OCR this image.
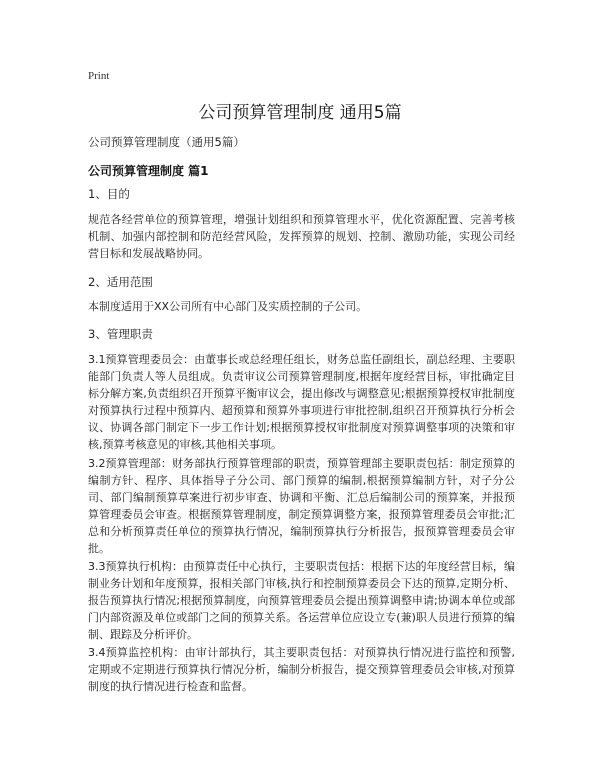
Print
公司预算管理制度 通用5篇
公司预算管理制度（通用5篇）
公司预算管理制度 篇1
1、目的
规范各经营单位的预算管理，增强计划组织和预算管理水平，优化资源配置、完善考核机制、加强内部控制和防范经营风险，发挥预算的规划、控制、激励功能，实现公司经营目标和发展战略协同。
2、适用范围
本制度适用于XX公司所有中心部门及实质控制的子公司。
3、管理职责
3.1预算管理委员会：由董事长或总经理任组长，财务总监任副组长，副总经理、主要职能部门负责人等人员组成。负责审议公司预算管理制度,根据年度经营目标，审批确定目标分解方案,负责组织召开预算平衡审议会，提出修改与调整意见;根据预算授权审批制度对预算执行过程中预算内、超预算和预算外事项进行审批控制,组织召开预算执行分析会议、协调各部门制定下一步工作计划;根据预算授权审批制度对预算调整事项的决策和审核,预算考核意见的审核,其他相关事项。
3.2预算管理部：财务部执行预算管理部的职责，预算管理部主要职责包括：制定预算的编制方针、程序、具体指导子分公司、部门预算的编制,根据预算编制方针，对子分公司、部门编制预算草案进行初步审查、协调和平衡、汇总后编制公司的预算案，并报预算管理委员会审查。根据预算管理制度，制定预算调整方案，报预算管理委员会审批;汇总和分析预算责任单位的预算执行情况，编制预算执行分析报告，报预算管理委员会审批。
3.3预算执行机构：由预算责任中心执行，主要职责包括：根据下达的年度经营目标，编制业务计划和年度预算，报相关部门审核,执行和控制预算委员会下达的预算,定期分析、报告预算执行情况;根据预算制度，向预算管理委员会提出预算调整申请;协调本单位或部门内部资源及单位或部门之间的预算关系。各运营单位应设立专(兼)职人员进行预算的编制、跟踪及分析评价。
3.4预算监控机构：由审计部执行，其主要职责包括：对预算执行情况进行监控和预警,定期或不定期进行预算执行情况分析，编制分析报告，提交预算管理委员会审核,对预算制度的执行情况进行检查和监督。
